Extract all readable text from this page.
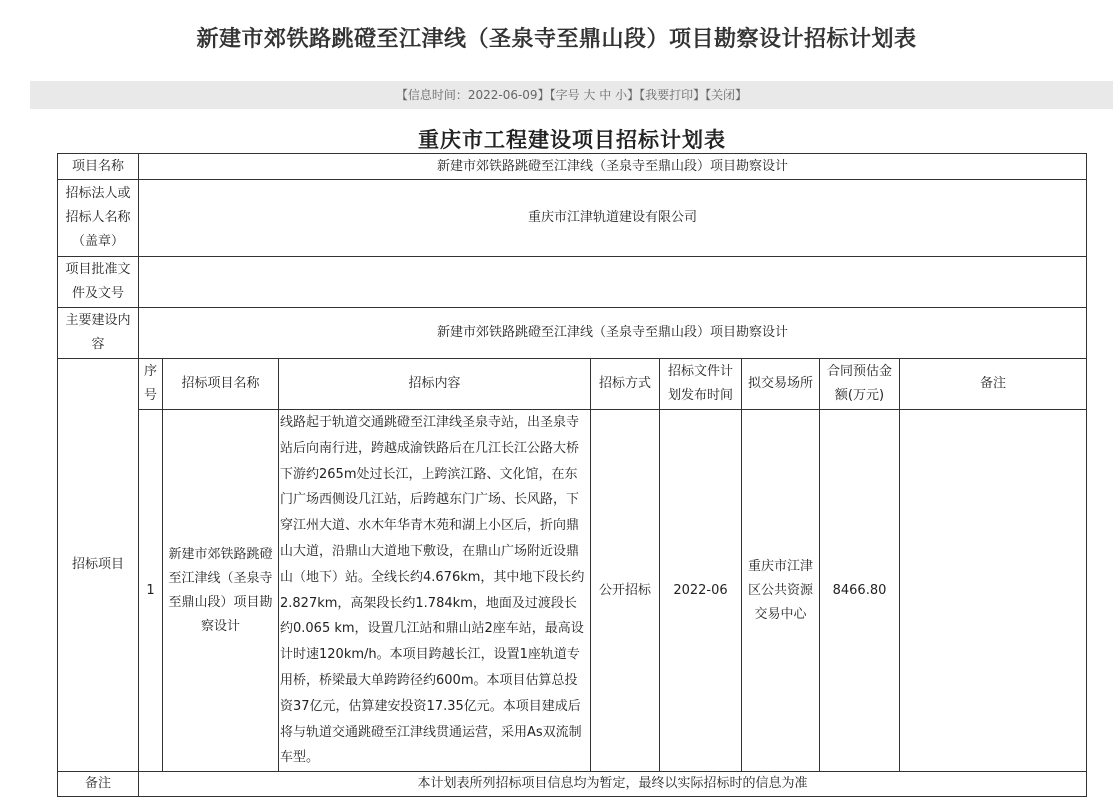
新建市郊铁路跳磴至江津线（圣泉寺至鼎山段）项目勘察设计招标计划表
【信息时间：2022-06-09】【字号 大 中 小】【我要打印】【关闭】
重庆市工程建设项目招标计划表
项目名称	新建市郊铁路跳磴至江津线（圣泉寺至鼎山段）项目勘察设计							
招标法人或招标人名称（盖章）	重庆市江津轨道建设有限公司							
项目批准文件及文号								
主要建设内容	新建市郊铁路跳磴至江津线（圣泉寺至鼎山段）项目勘察设计							
招标项目	序号	招标项目名称	招标内容	招标方式	招标文件计划发布时间	拟交易场所	合同预估金额(万元)	备注
	1	新建市郊铁路跳磴至江津线（圣泉寺至鼎山段）项目勘察设计	线路起于轨道交通跳磴至江津线圣泉寺站，出圣泉寺站后向南行进，跨越成渝铁路后在几江长江公路大桥下游约265m处过长江，上跨滨江路、文化馆，在东门广场西侧设几江站，后跨越东门广场、长风路，下穿江州大道、水木年华青木苑和湖上小区后，折向鼎山大道，沿鼎山大道地下敷设，在鼎山广场附近设鼎山（地下）站。全线长约4.676km，其中地下段长约2.827km，高架段长约1.784km，地面及过渡段长约0.065 km，设置几江站和鼎山站2座车站，最高设计时速120km/h。本项目跨越长江，设置1座轨道专用桥，桥梁最大单跨跨径约600m。本项目估算总投资37亿元，估算建安投资17.35亿元。本项目建成后将与轨道交通跳磴至江津线贯通运营，采用As双流制车型。	公开招标	2022-06	重庆市江津区公共资源交易中心	8466.80	
备注	本计划表所列招标项目信息均为暂定，最终以实际招标时的信息为准							
